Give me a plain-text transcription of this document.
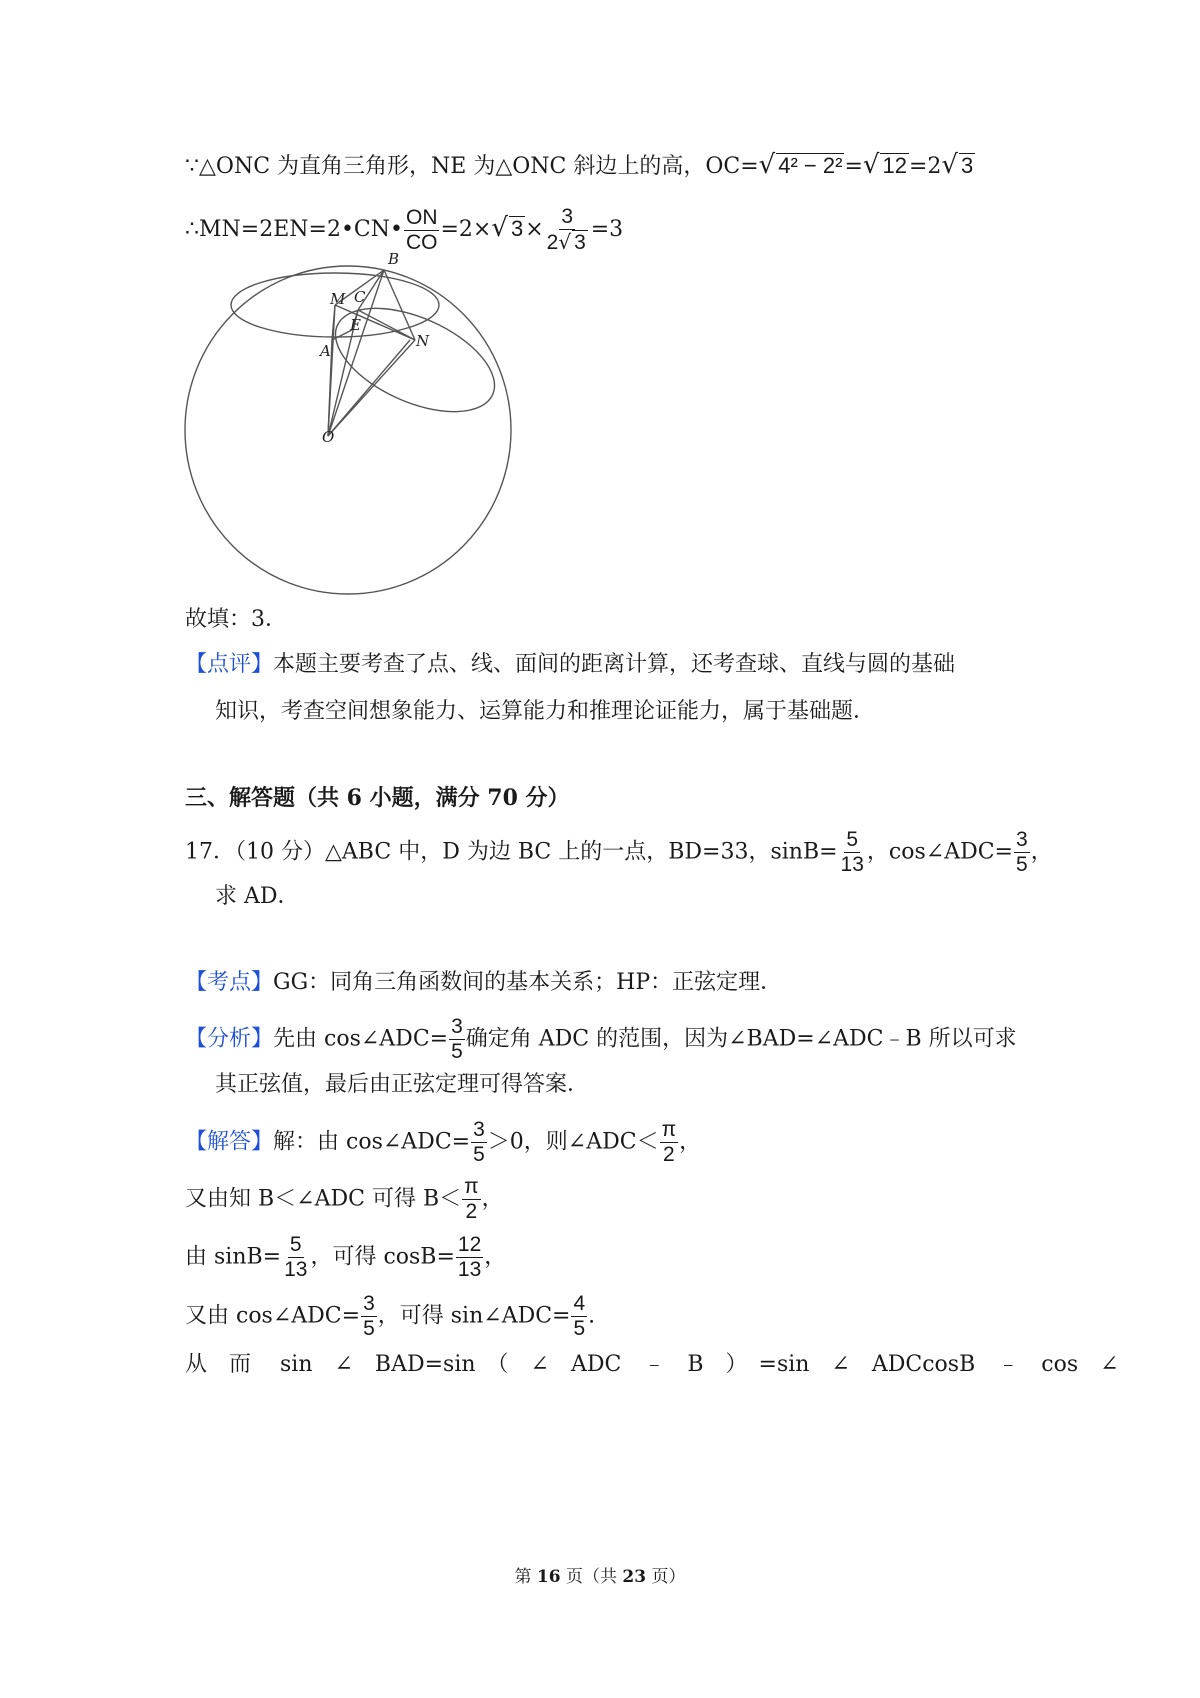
∵△ONC 为直角三角形，NE 为△ONC 斜边上的高，OC=√ 4² − 2²=√ 12=2√ 3
∴MN=2EN=2•CN• $\frac{ON}{CO} =2\times√$ $3\times \frac{3}{2√ 3} =3$
B
M C
E
N
A
O
故填：3．
【点评】本题主要考查了点、线、面间的距离计算，还考查球、直线与圆的基础
知识，考查空间想象能力、运算能力和推理论证能力，属于基础题．
三、解答题（共 6 小题，满分 70 分）
17．（10 分）△ABC 中，D 为边 BC 上的一点，BD=33，$\sin B= \frac{5}{13}$ ，cos∠ADC= $\frac{3}{5}$ ，
求 AD．
【考点】GG：同角三角函数间的基本关系；HP：正弦定理．
【分析】先由 cos∠ADC= $\frac{3}{5}$ 确定角 ADC 的范围，因为∠BAD=∠ADC﹣B 所以可求
其正弦值，最后由正弦定理可得答案．
【解答】解：由 cos∠ADC= $\frac{3}{5} >0$，则∠ADC＜ $\frac{\pi}{2}$ ，
又由知 B＜∠ADC 可得 $B< \frac{\pi}{2}$ ，
由 $\sin B= \frac{5}{13}$ ，可得 $\cos B= \frac{12}{13}$ ，
又由 cos∠ADC= $\frac{3}{5}$ ，可得 sin∠ADC= $\frac{4}{5}$ .
从　而　 sin　∠　BAD=sin　（　∠　ADC　﹣　B　）　=sin　∠　ADCcosB　﹣　cos　∠
第 16 页（共 23 页）
